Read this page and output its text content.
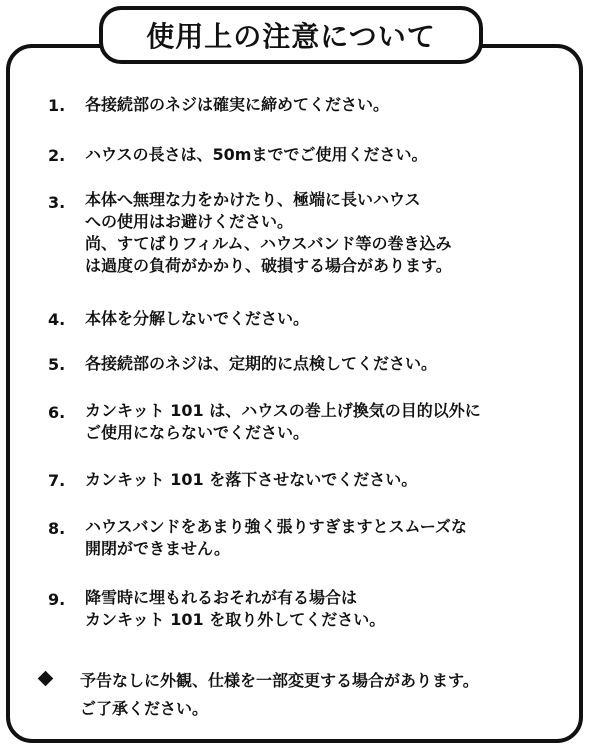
使用上の注意について
1. 各接続部のネジは確実に締めてください。
2. ハウスの長さは、50mまででご使用ください。
3. 本体へ無理な力をかけたり、極端に長いハウス
への使用はお避けください。
尚、すてばりフィルム、ハウスバンド等の巻き込み
は過度の負荷がかかり、破損する場合があります。
4. 本体を分解しないでください。
5. 各接続部のネジは、定期的に点検してください。
6. カンキット 101 は、ハウスの巻上げ換気の目的以外に
ご使用にならないでください。
7. カンキット 101 を落下させないでください。
8. ハウスバンドをあまり強く張りすぎますとスムーズな
開閉ができません。
9. 降雪時に埋もれるおそれが有る場合は
カンキット 101 を取り外してください。
予告なしに外観、仕様を一部変更する場合があります。
ご了承ください。
